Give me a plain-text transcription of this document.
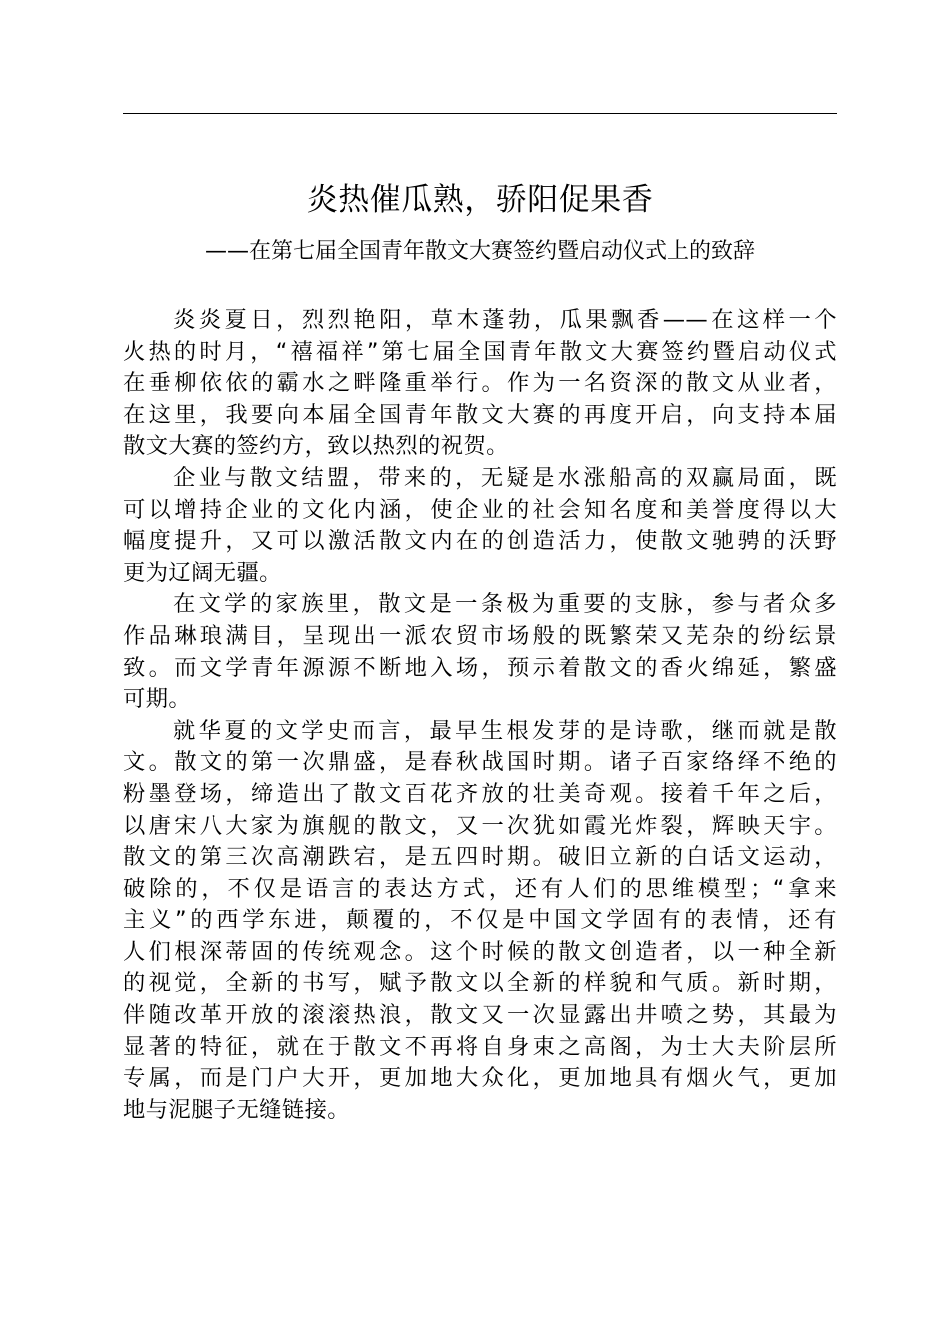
炎热催瓜熟，骄阳促果香
——在第七届全国青年散文大赛签约暨启动仪式上的致辞

炎炎夏日，烈烈艳阳，草木蓬勃，瓜果飘香——在这样一个
火热的时月，“禧福祥”第七届全国青年散文大赛签约暨启动仪式
在垂柳依依的霸水之畔隆重举行。作为一名资深的散文从业者，
在这里，我要向本届全国青年散文大赛的再度开启，向支持本届
散文大赛的签约方，致以热烈的祝贺。

企业与散文结盟，带来的，无疑是水涨船高的双赢局面，既
可以增持企业的文化内涵，使企业的社会知名度和美誉度得以大
幅度提升，又可以激活散文内在的创造活力，使散文驰骋的沃野
更为辽阔无疆。

在文学的家族里，散文是一条极为重要的支脉，参与者众多
作品琳琅满目，呈现出一派农贸市场般的既繁荣又芜杂的纷纭景
致。而文学青年源源不断地入场，预示着散文的香火绵延，繁盛
可期。

就华夏的文学史而言，最早生根发芽的是诗歌，继而就是散
文。散文的第一次鼎盛，是春秋战国时期。诸子百家络绎不绝的
粉墨登场，缔造出了散文百花齐放的壮美奇观。接着千年之后，
以唐宋八大家为旗舰的散文，又一次犹如霞光炸裂，辉映天宇。
散文的第三次高潮跌宕，是五四时期。破旧立新的白话文运动，
破除的，不仅是语言的表达方式，还有人们的思维模型；“拿来
主义”的西学东进，颠覆的，不仅是中国文学固有的表情，还有
人们根深蒂固的传统观念。这个时候的散文创造者，以一种全新
的视觉，全新的书写，赋予散文以全新的样貌和气质。新时期，
伴随改革开放的滚滚热浪，散文又一次显露出井喷之势，其最为
显著的特征，就在于散文不再将自身束之高阁，为士大夫阶层所
专属，而是门户大开，更加地大众化，更加地具有烟火气，更加
地与泥腿子无缝链接。
